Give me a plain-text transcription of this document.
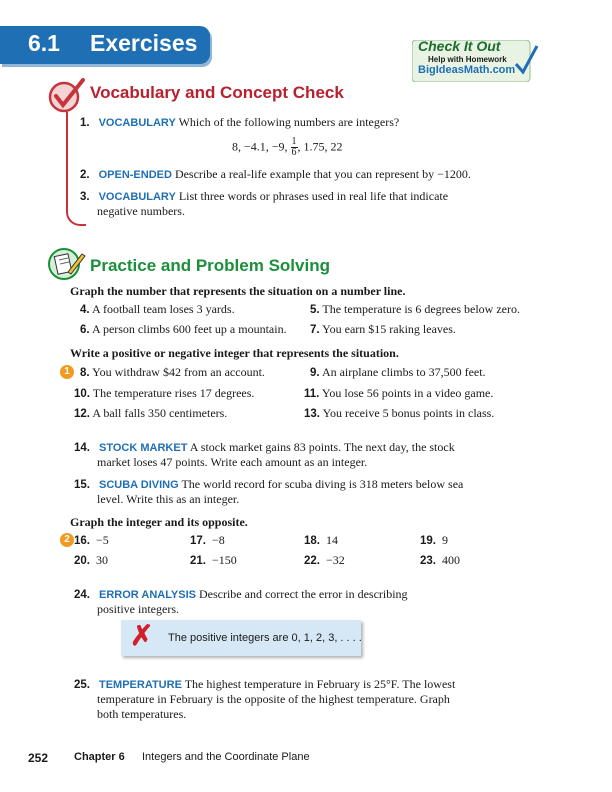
6.1 Exercises	Check It Out
Help with Homework
BigIdeasMath.com
Vocabulary and Concept Check
1. VOCABULARY Which of the following numbers are integers?
8, −4.1, −9, $\frac{1}{6}$ , 1.75, 22
2. OPEN-ENDED Describe a real-life example that you can represent by −1200.
3. VOCABULARY List three words or phrases used in real life that indicate
negative numbers.
Practice and Problem Solving
Graph the number that represents the situation on a number line.
4. A football team loses 3 yards.	5. The temperature is 6 degrees below zero.
6. A person climbs 600 feet up a mountain. 7. You earn $15 raking leaves.
Write a positive or negative integer that represents the situation.
1 8. You withdraw $42 from an account.	9. An airplane climbs to 37,500 feet.
10. The temperature rises 17 degrees.	11. You lose 56 points in a video game.
12. A ball falls 350 centimeters.	13. You receive 5 bonus points in class.
14. STOCK MARKET A stock market gains 83 points. The next day, the stock
market loses 47 points. Write each amount as an integer.
15. SCUBA DIVING The world record for scuba diving is 318 meters below sea
level. Write this as an integer.
Graph the integer and its opposite.
2 16. −5	17. −8	18. 14	19. 9
20. 30	21. −150	22. −32	23. 400
24. ERROR ANALYSIS Describe and correct the error in describing
positive integers.
✗ The positive integers are 0, 1, 2, 3, . . . .
25. TEMPERATURE The highest temperature in February is 25°F. The lowest
temperature in February is the opposite of the highest temperature. Graph
both temperatures.
252 Chapter 6 Integers and the Coordinate Plane
